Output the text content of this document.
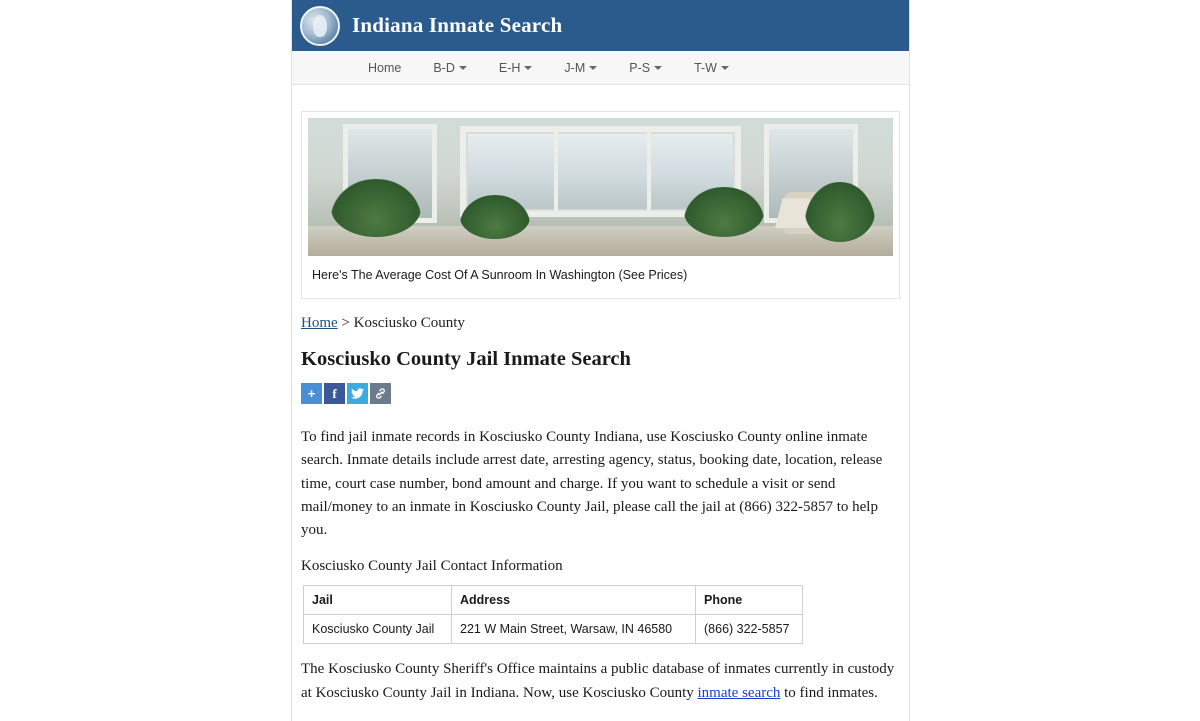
Indiana Inmate Search
Home	B-D	E-H	J-M	P-S	T-W
Here's The Average Cost Of A Sunroom In Washington (See Prices)
Home > Kosciusko County
Kosciusko County Jail Inmate Search
+ f

To find jail inmate records in Kosciusko County Indiana, use Kosciusko County online inmate search. Inmate details include arrest date, arresting agency, status, booking date, location, release time, court case number, bond amount and charge. If you want to schedule a visit or send mail/money to an inmate in Kosciusko County Jail, please call the jail at (866) 322-5857 to help you.

Kosciusko County Jail Contact Information

Jail	Address	Phone
Kosciusko County Jail	221 W Main Street, Warsaw, IN 46580	(866) 322-5857

The Kosciusko County Sheriff's Office maintains a public database of inmates currently in custody at Kosciusko County Jail in Indiana. Now, use Kosciusko County inmate search to find inmates.
